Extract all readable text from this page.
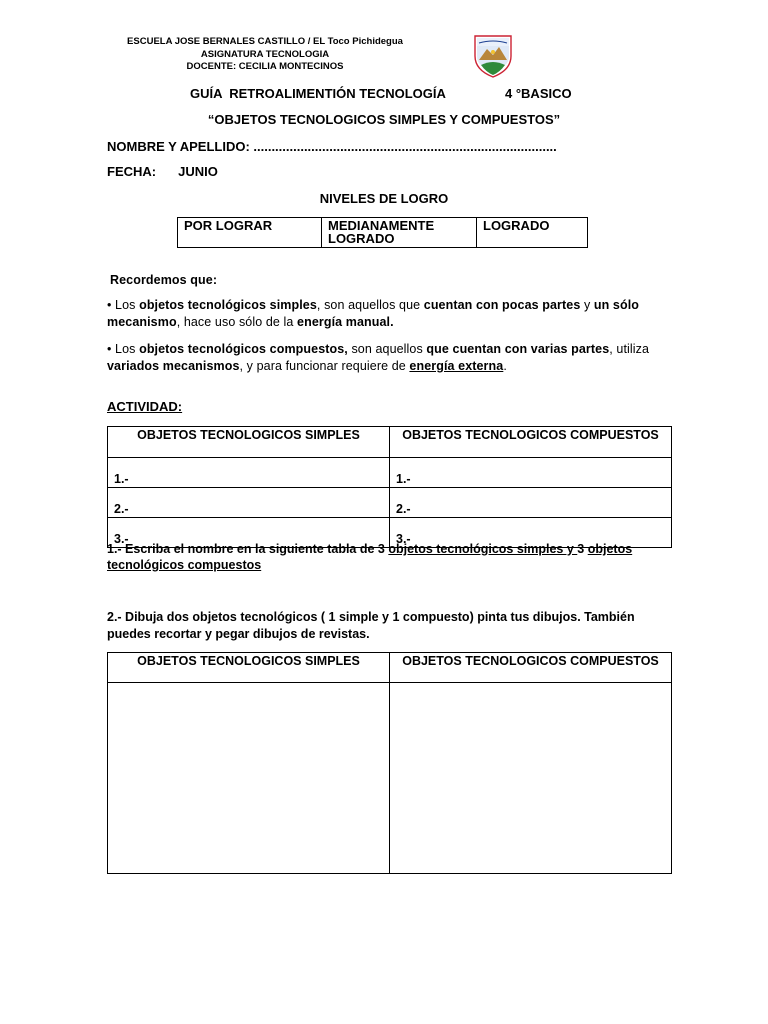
ESCUELA JOSE BERNALES CASTILLO / EL Toco Pichidegua
ASIGNATURA TECNOLOGIA
DOCENTE: CECILIA MONTECINOS
GUÍA  RETROALIMENTIÓN TECNOLOGÍA	4 °BASICO
“OBJETOS TECNOLOGICOS SIMPLES Y COMPUESTOS”
NOMBRE Y APELLIDO: ....................................................................................
FECHA: JUNIO
NIVELES DE LOGRO
POR LOGRAR	MEDIANAMENTE LOGRADO	LOGRADO
Recordemos que:
• Los objetos tecnológicos simples, son aquellos que cuentan con pocas partes y un sólo mecanismo, hace uso sólo de la energía manual.
• Los objetos tecnológicos compuestos, son aquellos que cuentan con varias partes, utiliza variados mecanismos, y para funcionar requiere de energía externa.
ACTIVIDAD:
OBJETOS TECNOLOGICOS SIMPLES	OBJETOS TECNOLOGICOS COMPUESTOS
1.-	1.-
2.-	2.-
3.-	3.-
1.- Escriba el nombre en la siguiente tabla de 3 objetos tecnológicos simples y 3 objetos tecnológicos compuestos
2.- Dibuja dos objetos tecnológicos ( 1 simple y 1 compuesto) pinta tus dibujos. También puedes recortar y pegar dibujos de revistas.
OBJETOS TECNOLOGICOS SIMPLES	OBJETOS TECNOLOGICOS COMPUESTOS
